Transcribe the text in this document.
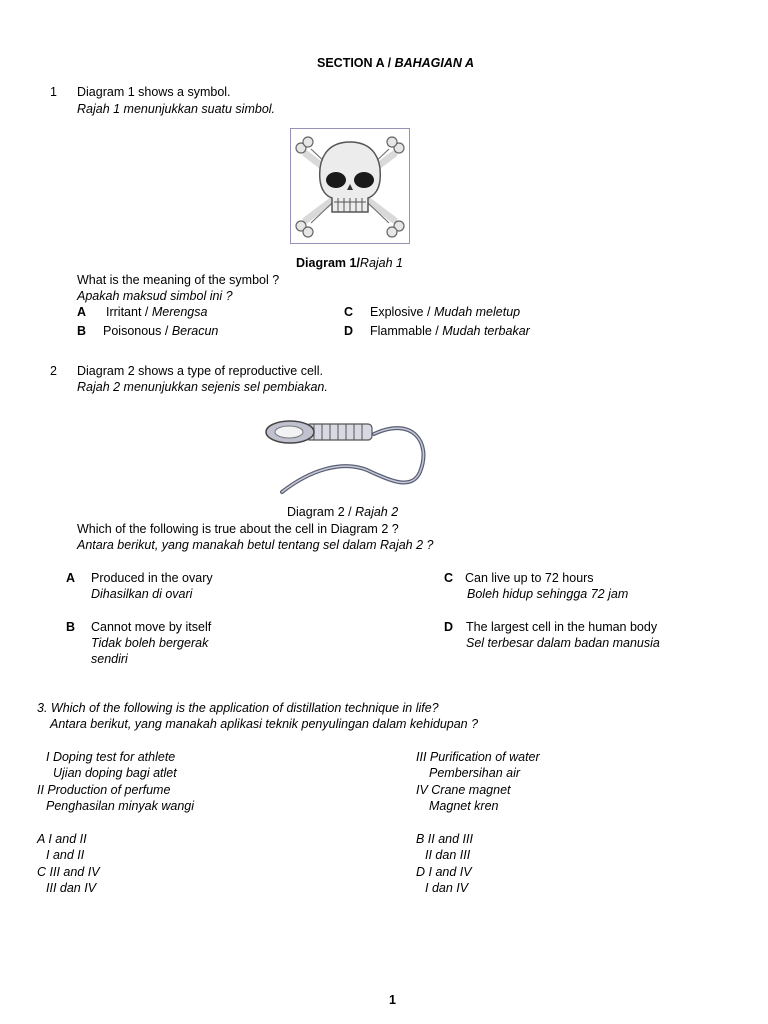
SECTION A / BAHAGIAN A
1 Diagram 1 shows a symbol.
Rajah 1 menunjukkan suatu simbol.
Diagram 1/Rajah 1
What is the meaning of the symbol ?
Apakah maksud simbol ini ?
A Irritant / Merengsa
B Poisonous / Beracun
C Explosive / Mudah meletup
D Flammable / Mudah terbakar
2 Diagram 2 shows a type of reproductive cell.
Rajah 2 menunjukkan sejenis sel pembiakan.
Diagram 2 / Rajah 2
Which of the following is true about the cell in Diagram 2 ?
Antara berikut, yang manakah betul tentang sel dalam Rajah 2 ?
A Produced in the ovary
Dihasilkan di ovari
B Cannot move by itself
Tidak boleh bergerak
sendiri
C Can live up to 72 hours
Boleh hidup sehingga 72 jam
D The largest cell in the human body
Sel terbesar dalam badan manusia
3. Which of the following is the application of distillation technique in life?
Antara berikut, yang manakah aplikasi teknik penyulingan dalam kehidupan ?
I Doping test for athlete
Ujian doping bagi atlet
II Production of perfume
Penghasilan minyak wangi
III Purification of water
Pembersihan air
IV Crane magnet
Magnet kren
A I and II
I and II
C III and IV
III dan IV
B II and III
II dan III
D I and IV
I dan IV
1
